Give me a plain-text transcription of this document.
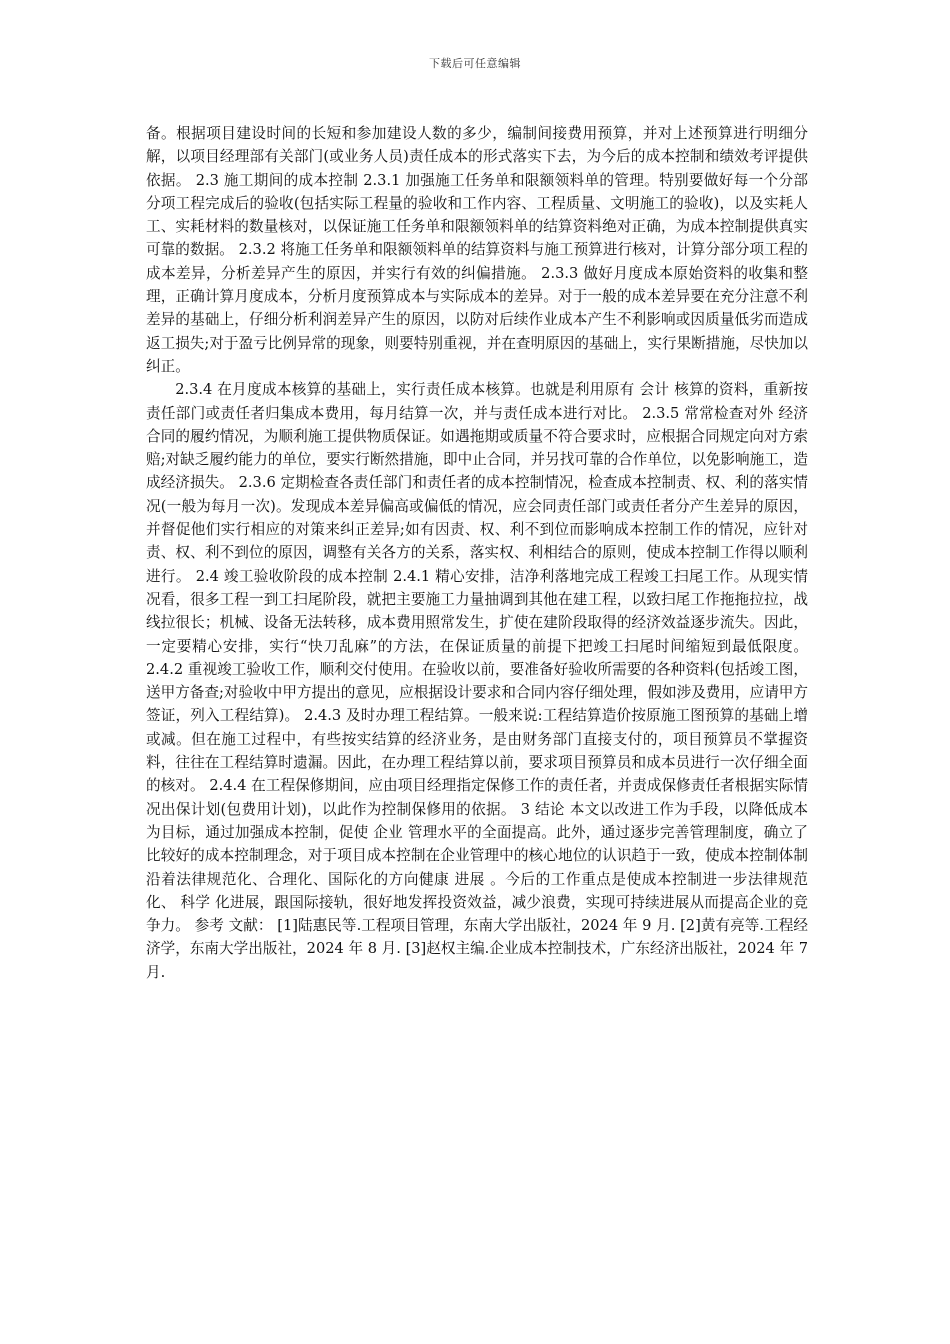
下载后可任意编辑

备。根据项目建设时间的长短和参加建设人数的多少，编制间接费用预算，并对上述预算进行明细分解，以项目经理部有关部门(或业务人员)责任成本的形式落实下去，为今后的成本控制和绩效考评提供依据。 2.3 施工期间的成本控制 2.3.1 加强施工任务单和限额领料单的管理。特别要做好每一个分部分项工程完成后的验收(包括实际工程量的验收和工作内容、工程质量、文明施工的验收)，以及实耗人工、实耗材料的数量核对，以保证施工任务单和限额领料单的结算资料绝对正确，为成本控制提供真实可靠的数据。 2.3.2 将施工任务单和限额领料单的结算资料与施工预算进行核对，计算分部分项工程的成本差异，分析差异产生的原因，并实行有效的纠偏措施。 2.3.3 做好月度成本原始资料的收集和整理，正确计算月度成本，分析月度预算成本与实际成本的差异。对于一般的成本差异要在充分注意不利差异的基础上，仔细分析利润差异产生的原因，以防对后续作业成本产生不利影响或因质量低劣而造成返工损失;对于盈亏比例异常的现象，则要特别重视，并在查明原因的基础上，实行果断措施，尽快加以纠正。

2.3.4 在月度成本核算的基础上，实行责任成本核算。也就是利用原有 会计 核算的资料，重新按责任部门或责任者归集成本费用，每月结算一次，并与责任成本进行对比。 2.3.5 常常检查对外 经济 合同的履约情况，为顺利施工提供物质保证。如遇拖期或质量不符合要求时，应根据合同规定向对方索赔;对缺乏履约能力的单位，要实行断然措施，即中止合同，并另找可靠的合作单位，以免影响施工，造成经济损失。 2.3.6 定期检查各责任部门和责任者的成本控制情况，检查成本控制责、权、利的落实情况(一般为每月一次)。发现成本差异偏高或偏低的情况，应会同责任部门或责任者分产生差异的原因，并督促他们实行相应的对策来纠正差异;如有因责、权、利不到位而影响成本控制工作的情况，应针对责、权、利不到位的原因，调整有关各方的关系，落实权、利相结合的原则，使成本控制工作得以顺利进行。 2.4 竣工验收阶段的成本控制 2.4.1 精心安排，洁净利落地完成工程竣工扫尾工作。从现实情况看，很多工程一到工扫尾阶段，就把主要施工力量抽调到其他在建工程，以致扫尾工作拖拖拉拉，战线拉很长；机械、设备无法转移，成本费用照常发生，扩使在建阶段取得的经济效益逐步流失。因此，一定要精心安排，实行“快刀乱麻”的方法，在保证质量的前提下把竣工扫尾时间缩短到最低限度。 2.4.2 重视竣工验收工作，顺利交付使用。在验收以前，要准备好验收所需要的各种资料(包括竣工图，送甲方备查;对验收中甲方提出的意见，应根据设计要求和合同内容仔细处理，假如涉及费用，应请甲方签证，列入工程结算)。 2.4.3 及时办理工程结算。一般来说:工程结算造价按原施工图预算的基础上增或减。但在施工过程中，有些按实结算的经济业务，是由财务部门直接支付的，项目预算员不掌握资料，往往在工程结算时遗漏。因此，在办理工程结算以前，要求项目预算员和成本员进行一次仔细全面的核对。 2.4.4 在工程保修期间，应由项目经理指定保修工作的责任者，并责成保修责任者根据实际情况出保计划(包费用计划)，以此作为控制保修用的依据。 3 结论 本文以改进工作为手段，以降低成本为目标，通过加强成本控制，促使 企业 管理水平的全面提高。此外，通过逐步完善管理制度，确立了比较好的成本控制理念，对于项目成本控制在企业管理中的核心地位的认识趋于一致，使成本控制体制沿着法律规范化、合理化、国际化的方向健康 进展 。今后的工作重点是使成本控制进一步法律规范化、 科学 化进展，跟国际接轨，很好地发挥投资效益，减少浪费，实现可持续进展从而提高企业的竞争力。 参考 文献： [1]陆惠民等.工程项目管理，东南大学出版社，2024 年 9 月. [2]黄有亮等.工程经济学，东南大学出版社，2024 年 8 月. [3]赵权主编.企业成本控制技术，广东经济出版社，2024 年 7 月.
